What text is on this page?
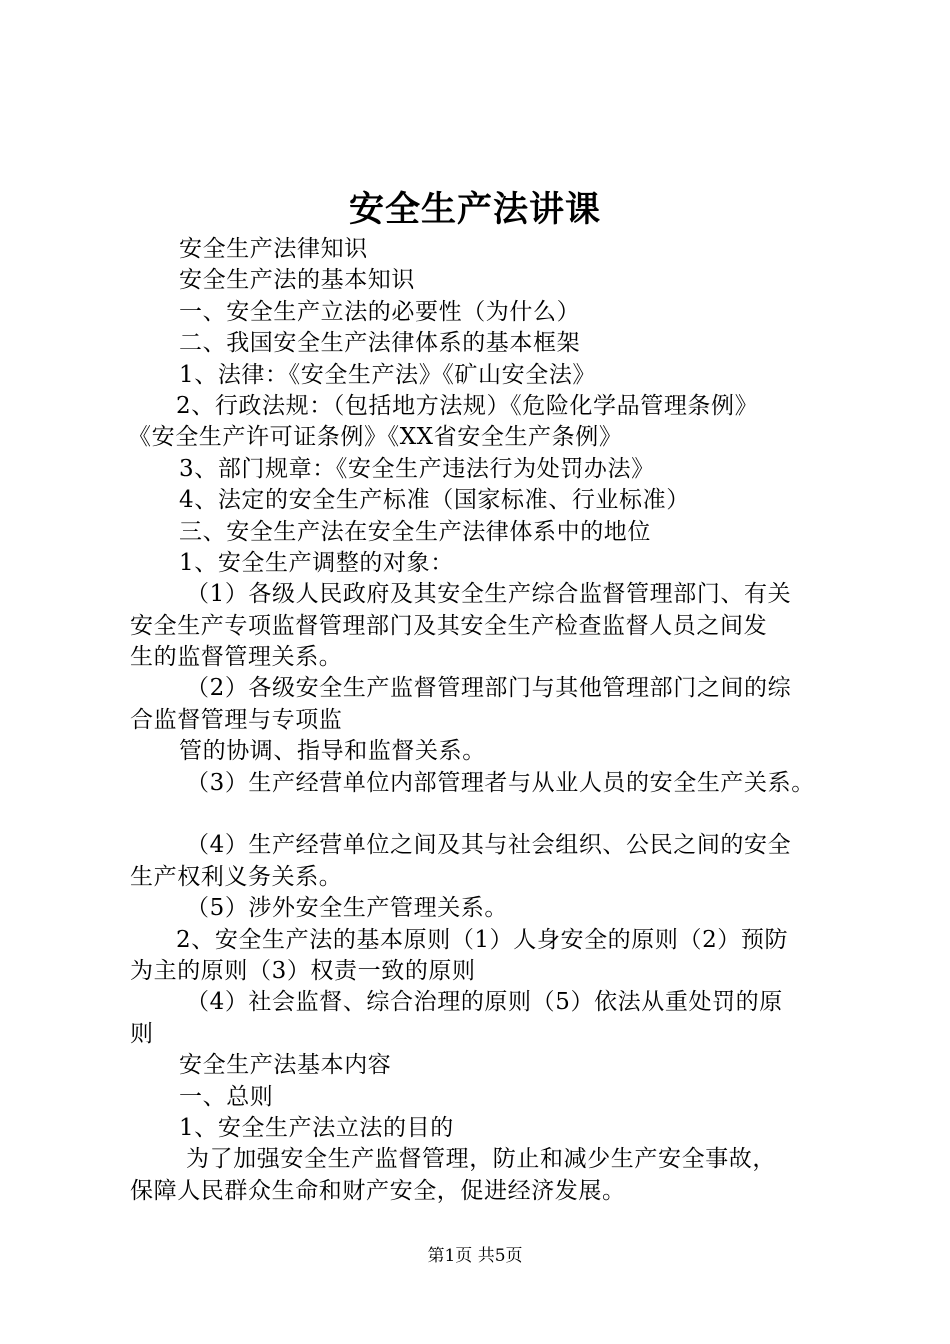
安全生产法讲课
安全生产法律知识
安全生产法的基本知识
一、安全生产立法的必要性（为什么）
二、我国安全生产法律体系的基本框架
1、法律：《安全生产法》《矿山安全法》
2、行政法规：（包括地方法规）《危险化学品管理条例》
《安全生产许可证条例》《XX省安全生产条例》
3、部门规章：《安全生产违法行为处罚办法》
4、法定的安全生产标准（国家标准、行业标准）
三、安全生产法在安全生产法律体系中的地位
1、安全生产调整的对象：
（1）各级人民政府及其安全生产综合监督管理部门、有关
安全生产专项监督管理部门及其安全生产检查监督人员之间发
生的监督管理关系。
（2）各级安全生产监督管理部门与其他管理部门之间的综
合监督管理与专项监
管的协调、指导和监督关系。
（3）生产经营单位内部管理者与从业人员的安全生产关系。
（4）生产经营单位之间及其与社会组织、公民之间的安全
生产权利义务关系。
（5）涉外安全生产管理关系。
2、安全生产法的基本原则（1）人身安全的原则（2）预防
为主的原则（3）权责一致的原则
（4）社会监督、综合治理的原则（5）依法从重处罚的原
则
安全生产法基本内容
一、总则
1、安全生产法立法的目的
为了加强安全生产监督管理，防止和减少生产安全事故，
保障人民群众生命和财产安全，促进经济发展。
第1页 共5页
